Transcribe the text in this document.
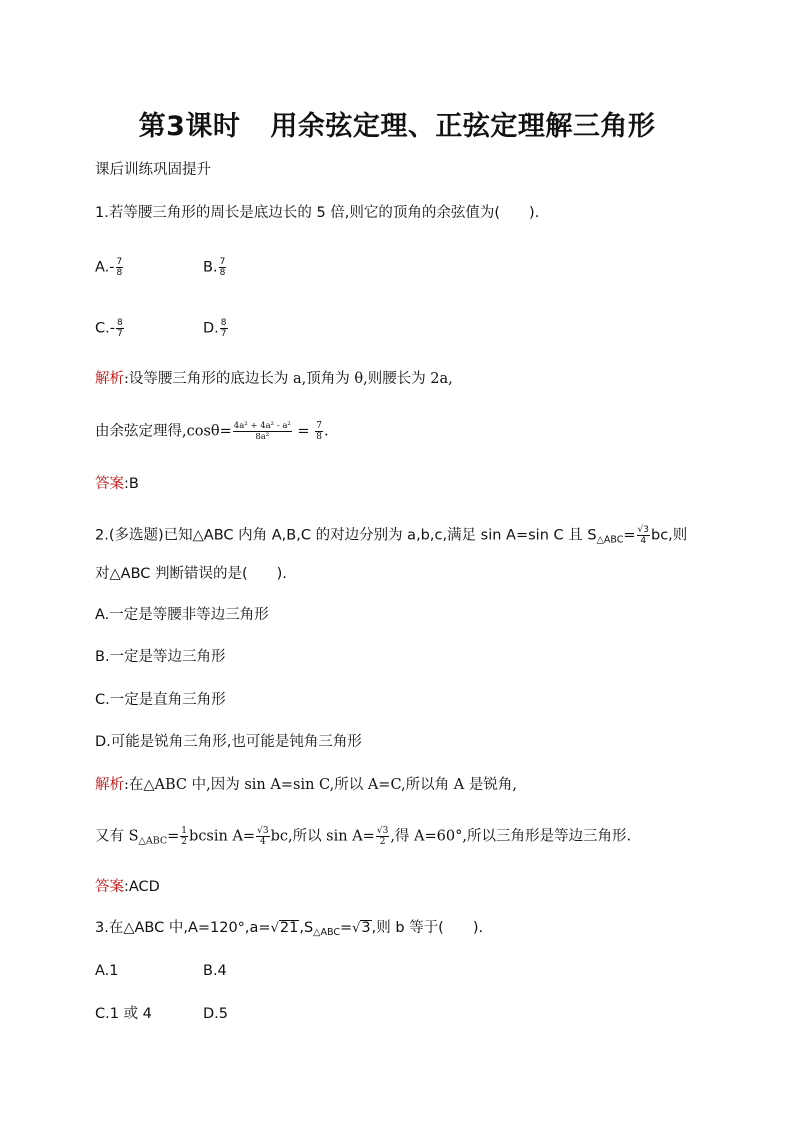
第3课时 用余弦定理、正弦定理解三角形
课后训练巩固提升
1.若等腰三角形的周长是底边长的 5 倍,则它的顶角的余弦值为(　　).
$A.- \frac{7}{8}$	B. $\frac{7}{8}$
$C.- \frac{8}{7}$	D. $\frac{8}{7}$
解析:设等腰三角形的底边长为 a,顶角为 θ,则腰长为 2a,
由余弦定理得$,\cos\theta= \frac{\text{4a² + 4a² - a²}}{\text{8a²}} = \frac{7}{8}$ .
答案:B
2.(多选题)已知△ABC 内角 A,B,C 的对边分别为 a,b,c,满足 sin A=sin C 且 $S_{\triangle ABC}= \frac{√3}{4}$ bc,则
对△ABC 判断错误的是(　　).
A.一定是等腰非等边三角形
B.一定是等边三角形
C.一定是直角三角形
D.可能是锐角三角形,也可能是钝角三角形
解析:在△ABC 中,因为 sin A=sin C,所以 A=C,所以角 A 是锐角,
又有 $S_{\triangle ABC}= \frac{1}{2}$ bcsin $A= \frac{√3}{4}$ bc,所以 $\sin A= \frac{√3}{2}$ ,得 A=60°,所以三角形是等边三角形.
答案:ACD
3.在△ABC 中$,A=120^\circ,a=√21,S_{\triangle ABC}=√3$,则 b 等于(　　).
A.1	B.4
C.1 或 4	D.5
